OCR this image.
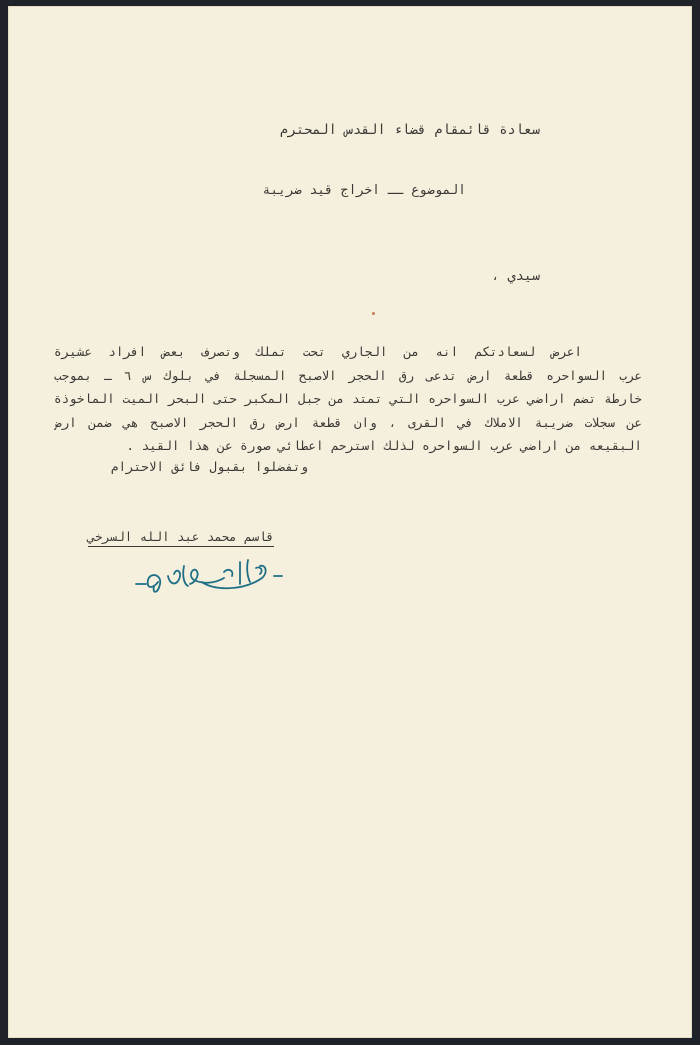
سعادة قائمقام قضاء القدس المحترم
الموضوع ــ اخراج قيد ضريبة
سيدي ،
اعرض لسعادتكم انه من الجاري تحت تملك وتصرف بعض افراد عشيرة
عرب السواحره قطعة ارض تدعى رق الحجر الاصبح المسجلة في بلوك س ٦ ـ بموجب
خارطة تضم اراضي عرب السواحره التي تمتد من جبل المكبر حتى البحر الميت الماخوذة
عن سجلات ضريبة الاملاك في القرى ، وان قطعة ارض رق الحجر الاصبح هي ضمن ارض
البقيعه من اراضي عرب السواحره لذلك استرحم اعطائي صورة عن هذا القيد .
وتفضلوا بقبول فائق الاحترام
قاسم محمد عبد الله السرخي
